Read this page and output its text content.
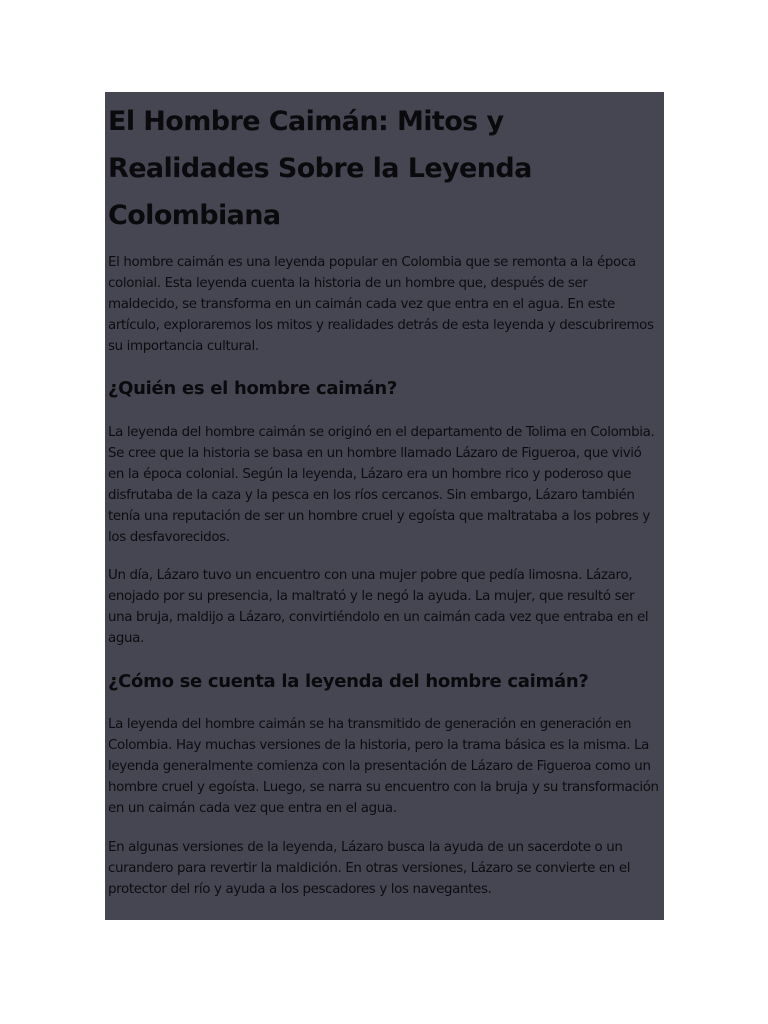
El Hombre Caimán: Mitos y Realidades Sobre la Leyenda Colombiana

El hombre caimán es una leyenda popular en Colombia que se remonta a la época colonial. Esta leyenda cuenta la historia de un hombre que, después de ser maldecido, se transforma en un caimán cada vez que entra en el agua. En este artículo, exploraremos los mitos y realidades detrás de esta leyenda y descubriremos su importancia cultural.

¿Quién es el hombre caimán?

La leyenda del hombre caimán se originó en el departamento de Tolima en Colombia. Se cree que la historia se basa en un hombre llamado Lázaro de Figueroa, que vivió en la época colonial. Según la leyenda, Lázaro era un hombre rico y poderoso que disfrutaba de la caza y la pesca en los ríos cercanos. Sin embargo, Lázaro también tenía una reputación de ser un hombre cruel y egoísta que maltrataba a los pobres y los desfavorecidos.

Un día, Lázaro tuvo un encuentro con una mujer pobre que pedía limosna. Lázaro, enojado por su presencia, la maltrató y le negó la ayuda. La mujer, que resultó ser una bruja, maldijo a Lázaro, convirtiéndolo en un caimán cada vez que entraba en el agua.

¿Cómo se cuenta la leyenda del hombre caimán?

La leyenda del hombre caimán se ha transmitido de generación en generación en Colombia. Hay muchas versiones de la historia, pero la trama básica es la misma. La leyenda generalmente comienza con la presentación de Lázaro de Figueroa como un hombre cruel y egoísta. Luego, se narra su encuentro con la bruja y su transformación en un caimán cada vez que entra en el agua.

En algunas versiones de la leyenda, Lázaro busca la ayuda de un sacerdote o un curandero para revertir la maldición. En otras versiones, Lázaro se convierte en el protector del río y ayuda a los pescadores y los navegantes.
